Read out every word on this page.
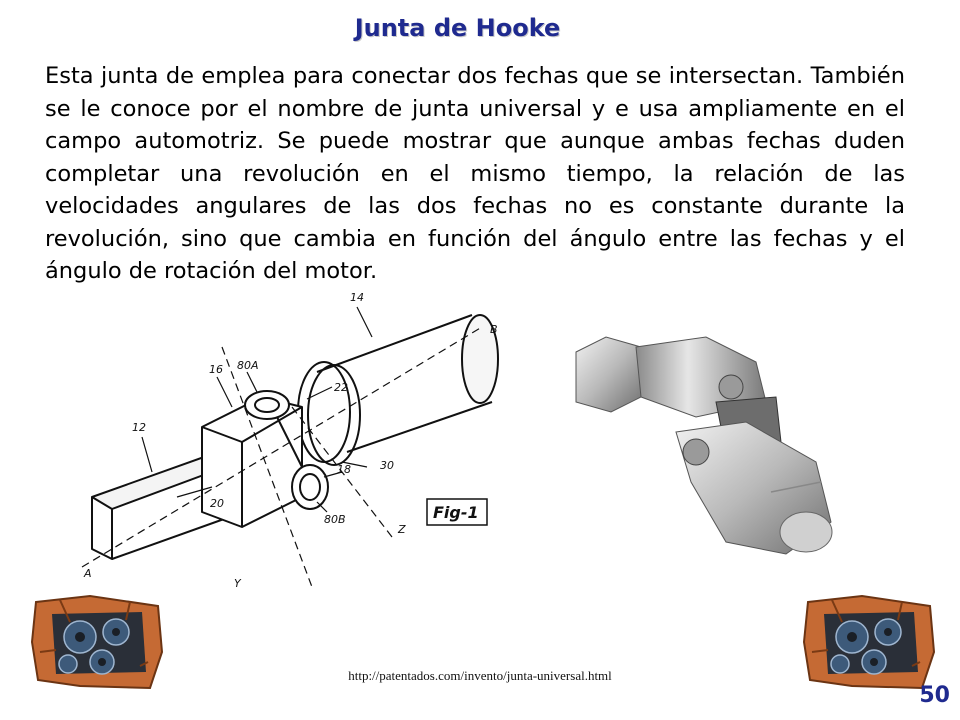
Junta de Hooke

Esta junta de emplea para conectar dos fechas que se intersectan. También se le conoce por el nombre de junta universal y e usa ampliamente en el campo automotriz. Se puede mostrar que aunque ambas fechas duden completar una revolución en el mismo tiempo, la relación de las velocidades angulares de las dos fechas no es constante durante la revolución, sino que cambia en función del ángulo entre las fechas y el ángulo de rotación del motor.

14
B
16 80A
22
12
18	30
20
80B
Z
A
Y
Fig-1
http://patentados.com/invento/junta-universal.html
50
